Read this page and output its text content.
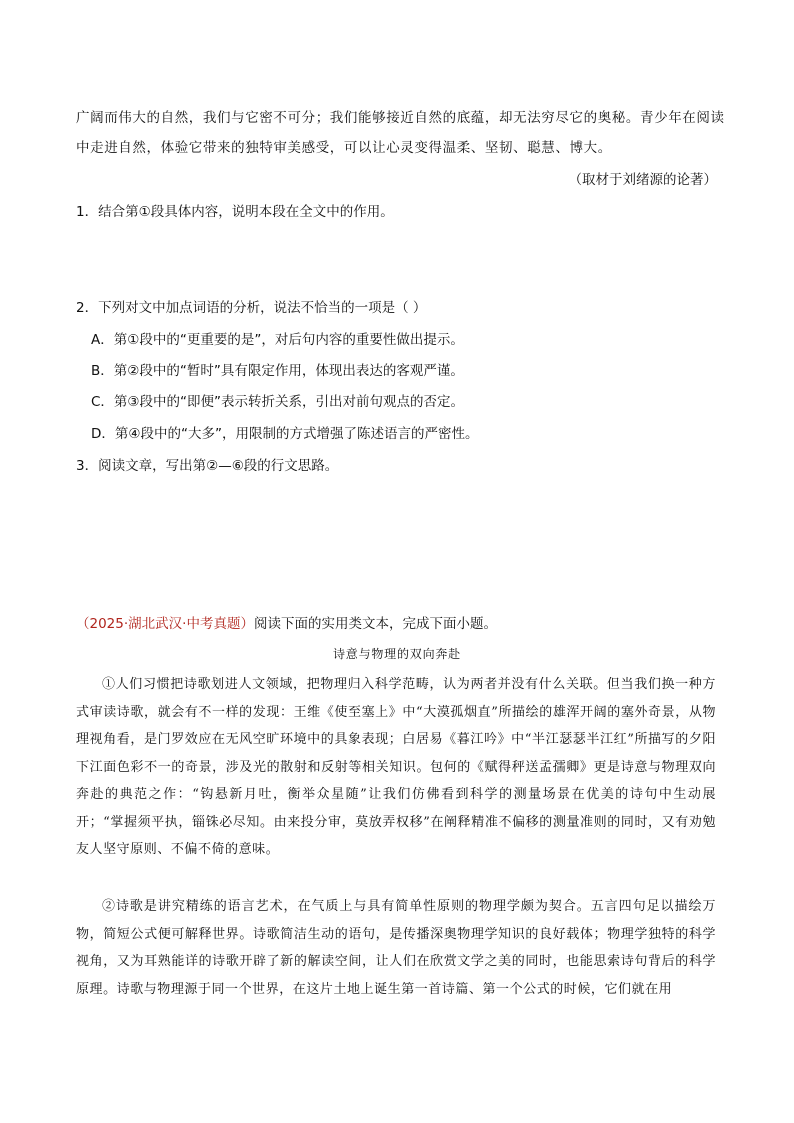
广阔而伟大的自然，我们与它密不可分；我们能够接近自然的底蕴，却无法穷尽它的奥秘。青少年在阅读
中走进自然，体验它带来的独特审美感受，可以让心灵变得温柔、坚韧、聪慧、博大。
（取材于刘绪源的论著）
1．结合第①段具体内容，说明本段在全文中的作用。
2．下列对文中加点词语的分析，说法不恰当的一项是（ ）
A．第①段中的“更重要的是”，对后句内容的重要性做出提示。
B．第②段中的“暂时”具有限定作用，体现出表达的客观严谨。
C．第③段中的“即便”表示转折关系，引出对前句观点的否定。
D．第④段中的“大多”，用限制的方式增强了陈述语言的严密性。
3．阅读文章，写出第②—⑥段的行文思路。
（2025·湖北武汉·中考真题）阅读下面的实用类文本，完成下面小题。
诗意与物理的双向奔赴
①人们习惯把诗歌划进人文领域，把物理归入科学范畴，认为两者并没有什么关联。但当我们换一种方式审读诗歌，就会有不一样的发现：王维《使至塞上》中“大漠孤烟直”所描绘的雄浑开阔的塞外奇景，从物理视角看，是门罗效应在无风空旷环境中的具象表现；白居易《暮江吟》中“半江瑟瑟半江红”所描写的夕阳下江面色彩不一的奇景，涉及光的散射和反射等相关知识。包何的《赋得秤送孟孺卿》更是诗意与物理双向奔赴的典范之作：“钩悬新月吐，衡举众星随”让我们仿佛看到科学的测量场景在优美的诗句中生动展开；“掌握须平执，锱铢必尽知。由来投分审，莫放弄权移”在阐释精准不偏移的测量准则的同时，又有劝勉友人坚守原则、不偏不倚的意味。
②诗歌是讲究精练的语言艺术，在气质上与具有简单性原则的物理学颇为契合。五言四句足以描绘万物，简短公式便可解释世界。诗歌简洁生动的语句，是传播深奥物理学知识的良好载体；物理学独特的科学视角，又为耳熟能详的诗歌开辟了新的解读空间，让人们在欣赏文学之美的同时，也能思索诗句背后的科学原理。诗歌与物理源于同一个世界，在这片土地上诞生第一首诗篇、第一个公式的时候，它们就在用
